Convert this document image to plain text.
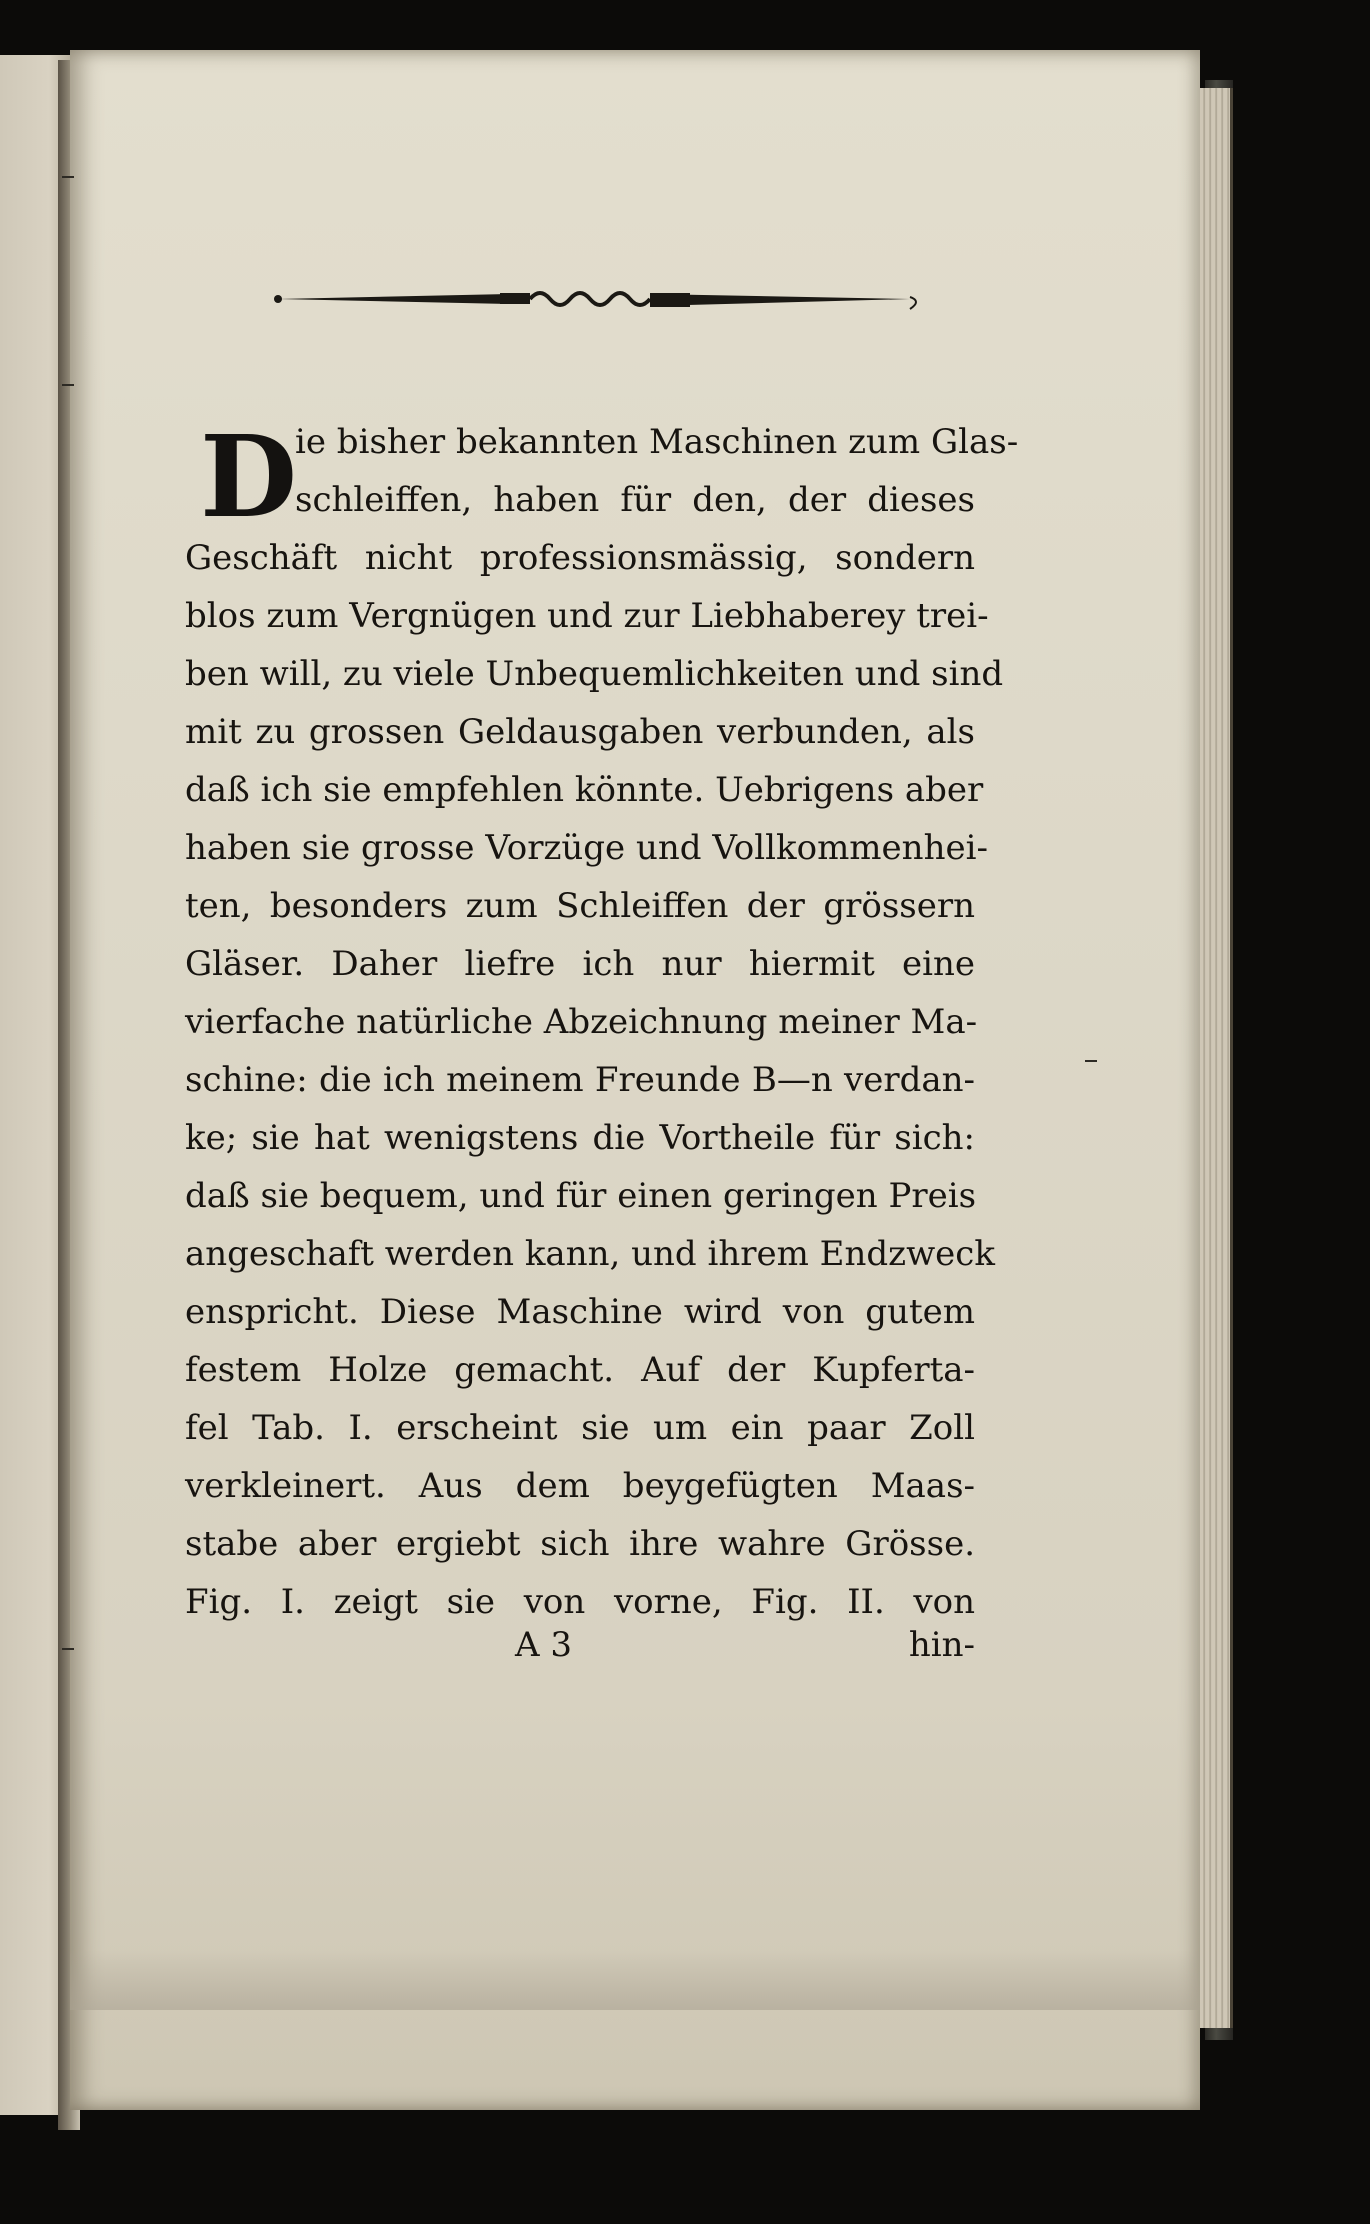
D
ie bisher bekannten Maschinen zum Glas-
schleiffen, haben für den, der dieses
Geschäft nicht professionsmässig, sondern
blos zum Vergnügen und zur Liebhaberey trei-
ben will, zu viele Unbequemlichkeiten und sind
mit zu grossen Geldausgaben verbunden, als
daß ich sie empfehlen könnte. Uebrigens aber
haben sie grosse Vorzüge und Vollkommenhei-
ten, besonders zum Schleiffen der grössern
Gläser. Daher liefre ich nur hiermit eine
vierfache natürliche Abzeichnung meiner Ma-
schine: die ich meinem Freunde B—n verdan-
ke; sie hat wenigstens die Vortheile für sich:
daß sie bequem, und für einen geringen Preis
angeschaft werden kann, und ihrem Endzweck
enspricht. Diese Maschine wird von gutem
festem Holze gemacht. Auf der Kupferta-
fel Tab. I. erscheint sie um ein paar Zoll
verkleinert. Aus dem beygefügten Maas-
stabe aber ergiebt sich ihre wahre Grösse.
Fig. I. zeigt sie von vorne, Fig. II. von
A 3	hin-
